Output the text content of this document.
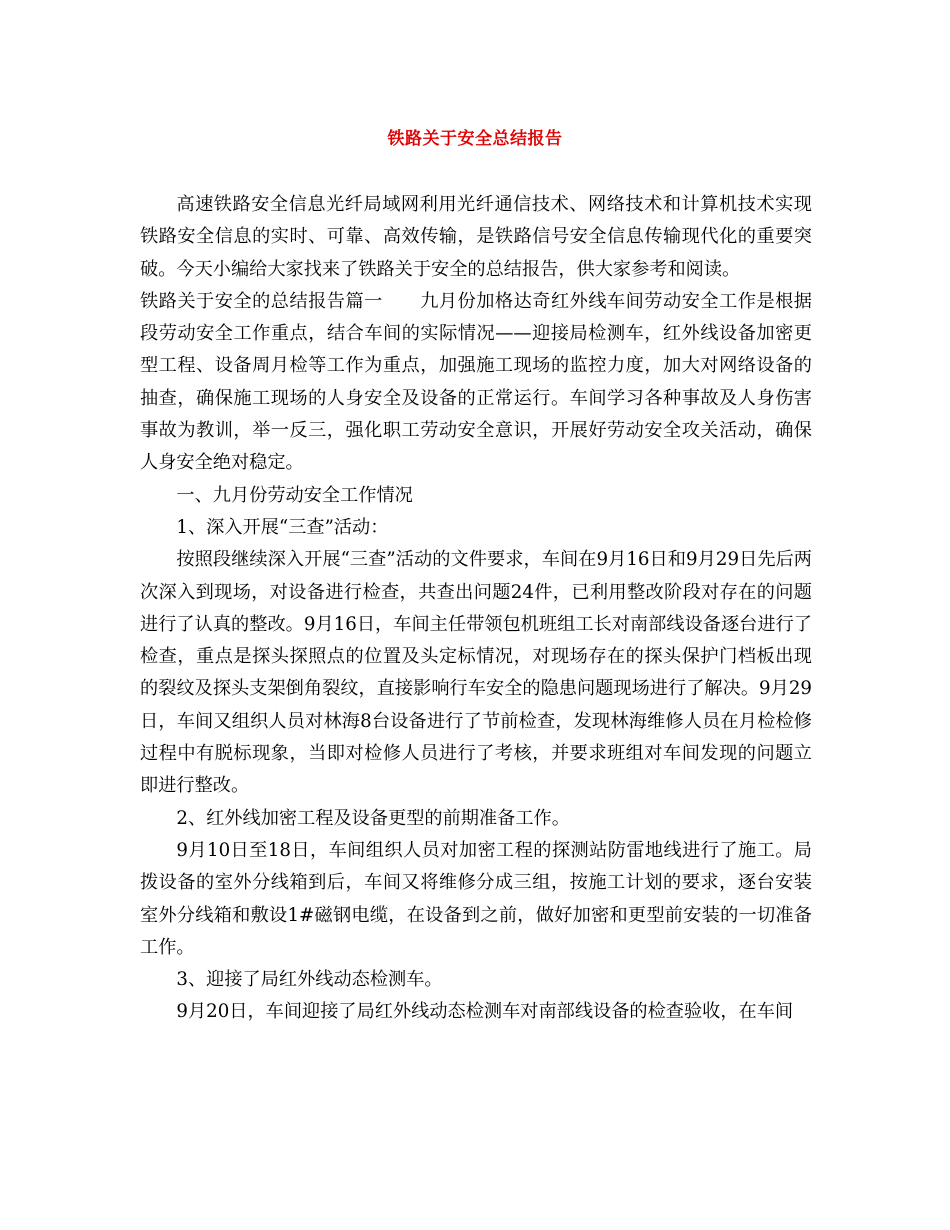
铁路关于安全总结报告

高速铁路安全信息光纤局域网利用光纤通信技术、网络技术和计算机技术实现铁路安全信息的实时、可靠、高效传输，是铁路信号安全信息传输现代化的重要突破。今天小编给大家找来了铁路关于安全的总结报告，供大家参考和阅读。

铁路关于安全的总结报告篇一　　九月份加格达奇红外线车间劳动安全工作是根据段劳动安全工作重点，结合车间的实际情况——迎接局检测车，红外线设备加密更型工程、设备周月检等工作为重点，加强施工现场的监控力度，加大对网络设备的抽查，确保施工现场的人身安全及设备的正常运行。车间学习各种事故及人身伤害事故为教训，举一反三，强化职工劳动安全意识，开展好劳动安全攻关活动，确保人身安全绝对稳定。

一、九月份劳动安全工作情况

1、深入开展“三查”活动：

按照段继续深入开展“三查”活动的文件要求，车间在9月16日和9月29日先后两次深入到现场，对设备进行检查，共查出问题24件，已利用整改阶段对存在的问题进行了认真的整改。9月16日，车间主任带领包机班组工长对南部线设备逐台进行了检查，重点是探头探照点的位置及头定标情况，对现场存在的探头保护门档板出现的裂纹及探头支架倒角裂纹，直接影响行车安全的隐患问题现场进行了解决。9月29日，车间又组织人员对林海8台设备进行了节前检查，发现林海维修人员在月检检修过程中有脱标现象，当即对检修人员进行了考核，并要求班组对车间发现的问题立即进行整改。

2、红外线加密工程及设备更型的前期准备工作。

9月10日至18日，车间组织人员对加密工程的探测站防雷地线进行了施工。局拨设备的室外分线箱到后，车间又将维修分成三组，按施工计划的要求，逐台安装室外分线箱和敷设1#磁钢电缆，在设备到之前，做好加密和更型前安装的一切准备工作。

3、迎接了局红外线动态检测车。

9月20日，车间迎接了局红外线动态检测车对南部线设备的检查验收，在车间
